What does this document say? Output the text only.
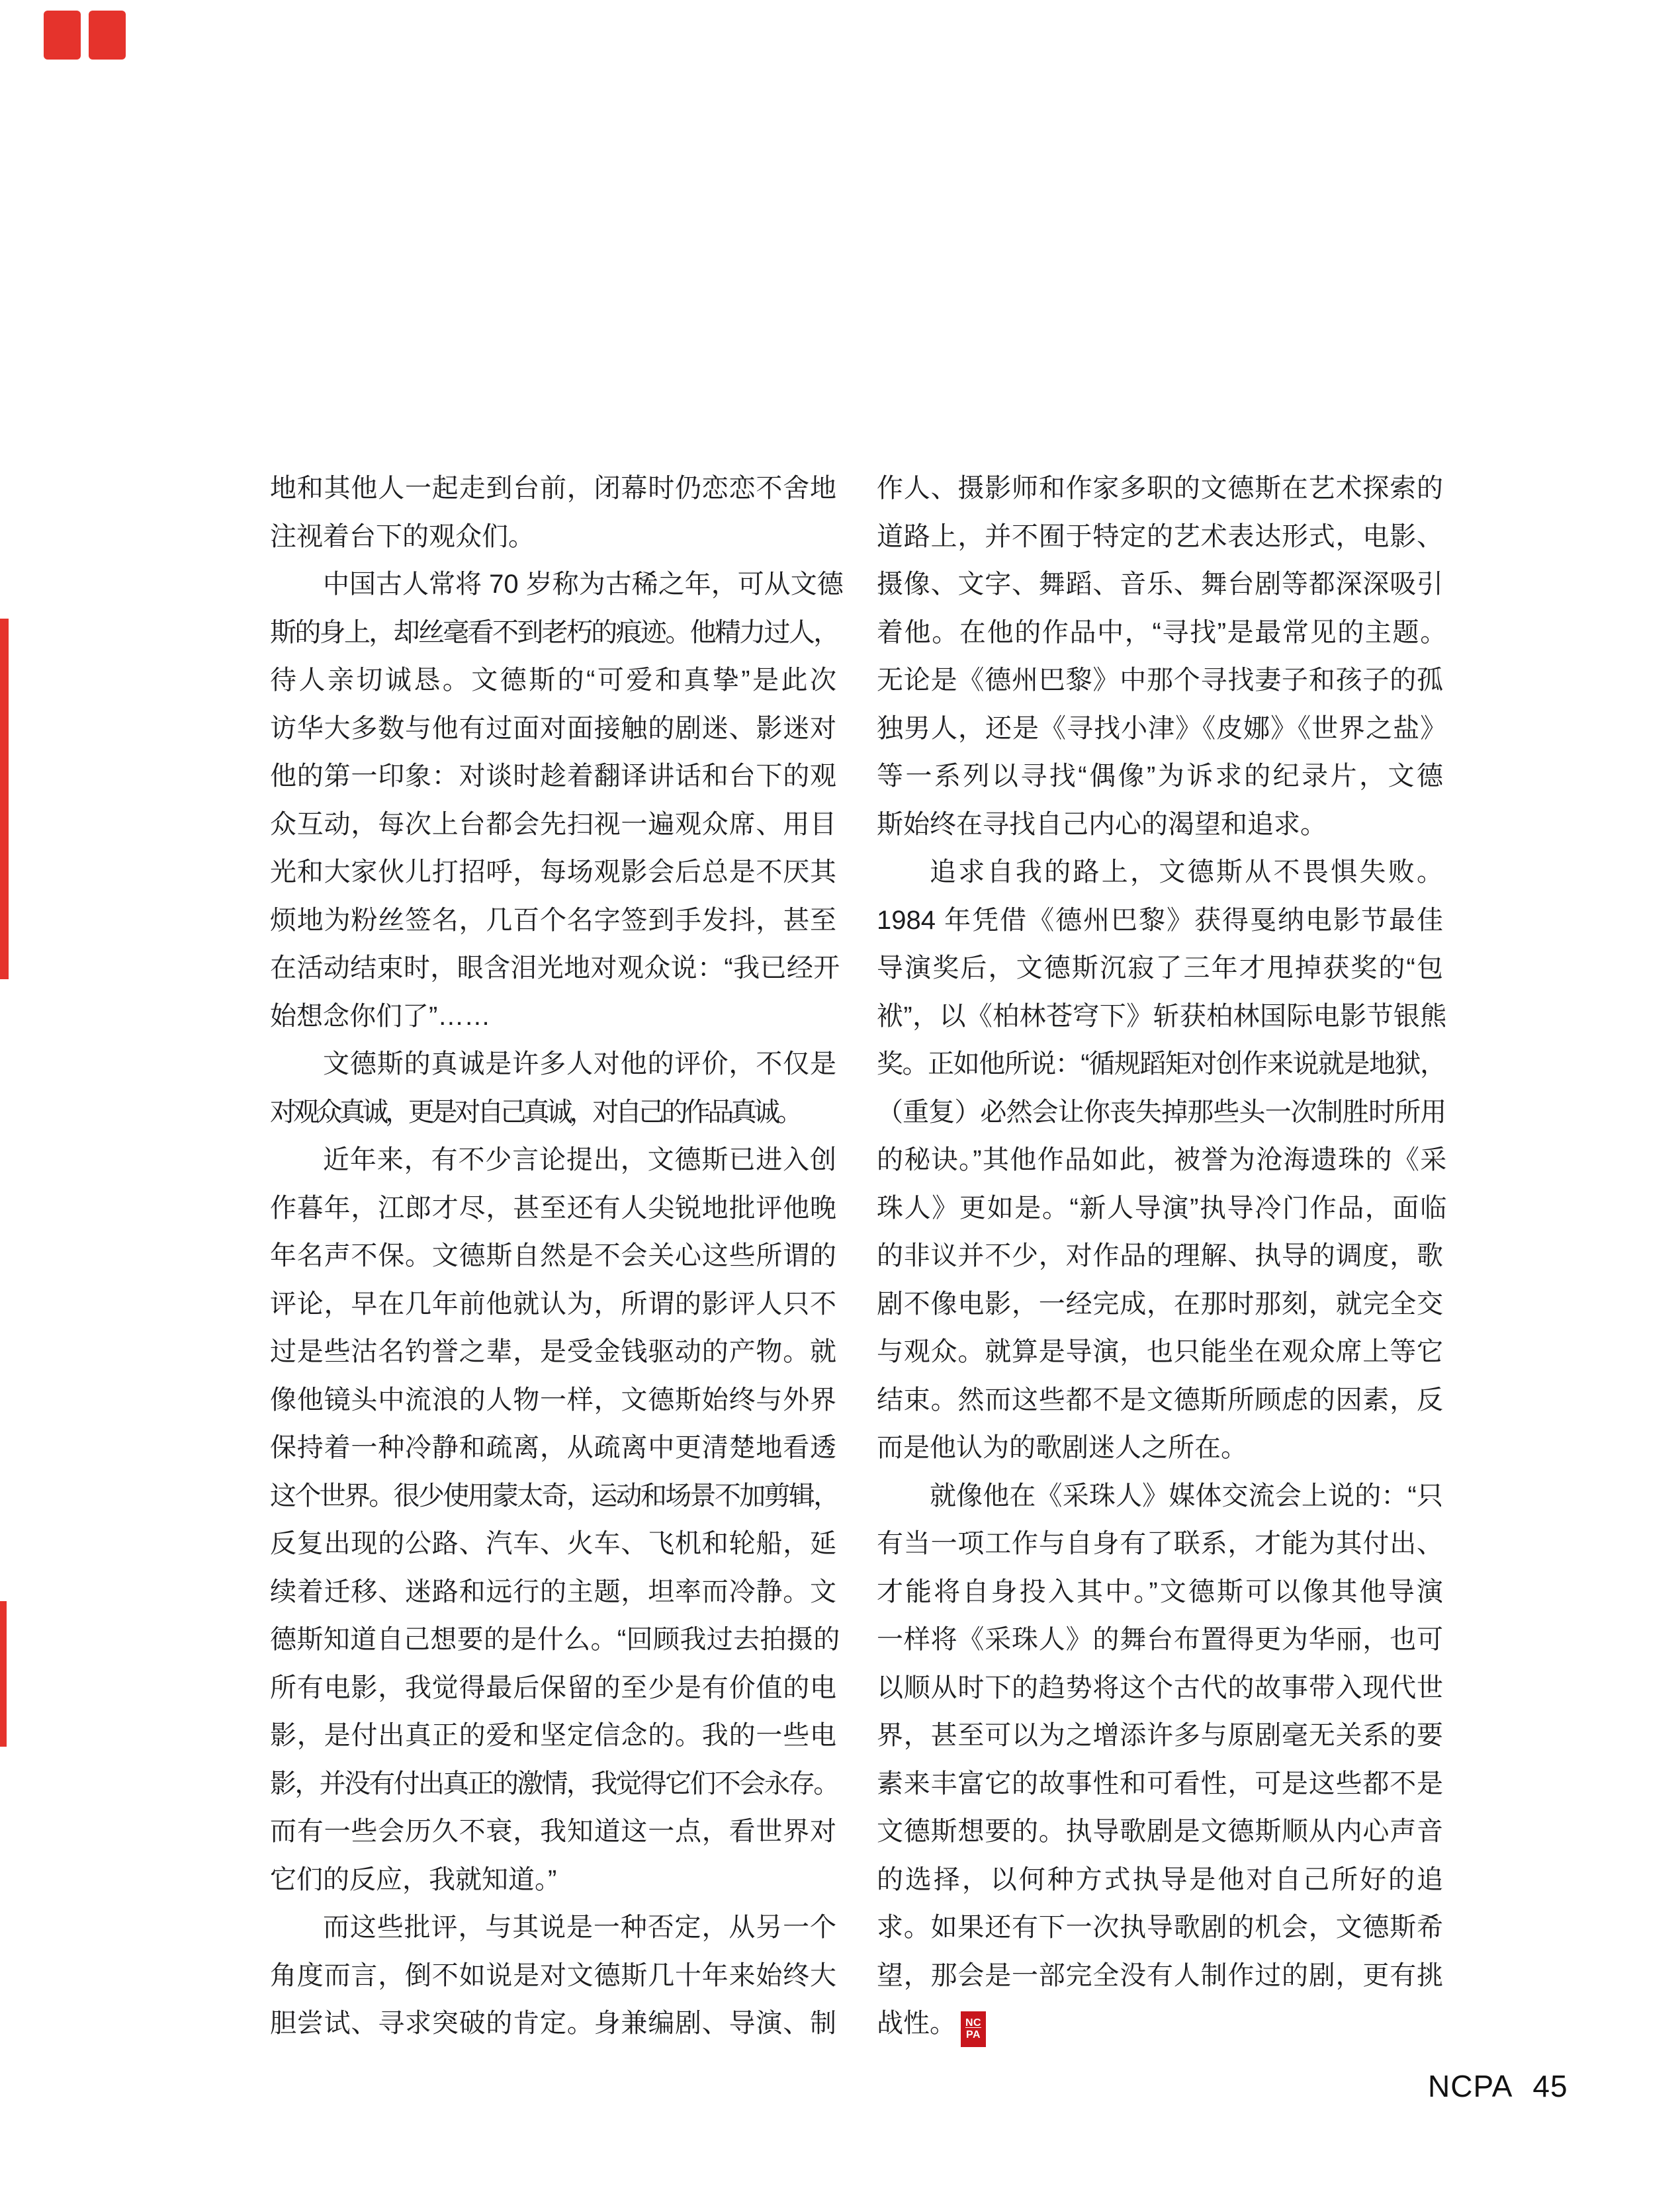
地和其他人一起走到台前，闭幕时仍恋恋不舍地
注视着台下的观众们。
中国古人常将 70 岁称为古稀之年，可从文德
斯的身上，却丝毫看不到老朽的痕迹。他精力过人，
待人亲切诚恳。文德斯的“可爱和真挚”是此次
访华大多数与他有过面对面接触的剧迷、影迷对
他的第一印象：对谈时趁着翻译讲话和台下的观
众互动，每次上台都会先扫视一遍观众席、用目
光和大家伙儿打招呼，每场观影会后总是不厌其
烦地为粉丝签名，几百个名字签到手发抖，甚至
在活动结束时，眼含泪光地对观众说：“我已经开
始想念你们了”……
文德斯的真诚是许多人对他的评价，不仅是
对观众真诚，更是对自己真诚，对自己的作品真诚。
近年来，有不少言论提出，文德斯已进入创
作暮年，江郎才尽，甚至还有人尖锐地批评他晚
年名声不保。文德斯自然是不会关心这些所谓的
评论，早在几年前他就认为，所谓的影评人只不
过是些沽名钓誉之辈，是受金钱驱动的产物。就
像他镜头中流浪的人物一样，文德斯始终与外界
保持着一种冷静和疏离，从疏离中更清楚地看透
这个世界。很少使用蒙太奇，运动和场景不加剪辑，
反复出现的公路、汽车、火车、飞机和轮船，延
续着迁移、迷路和远行的主题，坦率而冷静。文
德斯知道自己想要的是什么。“回顾我过去拍摄的
所有电影，我觉得最后保留的至少是有价值的电
影，是付出真正的爱和坚定信念的。我的一些电
影，并没有付出真正的激情，我觉得它们不会永存。
而有一些会历久不衰，我知道这一点，看世界对
它们的反应，我就知道。”
而这些批评，与其说是一种否定，从另一个
角度而言，倒不如说是对文德斯几十年来始终大
胆尝试、寻求突破的肯定。身兼编剧、导演、制
作人、摄影师和作家多职的文德斯在艺术探索的
道路上，并不囿于特定的艺术表达形式，电影、
摄像、文字、舞蹈、音乐、舞台剧等都深深吸引
着他。在他的作品中，“寻找”是最常见的主题。
无论是《德州巴黎》中那个寻找妻子和孩子的孤
独男人，还是《寻找小津》《皮娜》《世界之盐》
等一系列以寻找“偶像”为诉求的纪录片，文德
斯始终在寻找自己内心的渴望和追求。
追求自我的路上，文德斯从不畏惧失败。
1984 年凭借《德州巴黎》获得戛纳电影节最佳
导演奖后，文德斯沉寂了三年才甩掉获奖的“包
袱”，以《柏林苍穹下》斩获柏林国际电影节银熊
奖。正如他所说：“循规蹈矩对创作来说就是地狱，
（重复）必然会让你丧失掉那些头一次制胜时所用
的秘诀。”其他作品如此，被誉为沧海遗珠的《采
珠人》更如是。“新人导演”执导冷门作品，面临
的非议并不少，对作品的理解、执导的调度，歌
剧不像电影，一经完成，在那时那刻，就完全交
与观众。就算是导演，也只能坐在观众席上等它
结束。然而这些都不是文德斯所顾虑的因素，反
而是他认为的歌剧迷人之所在。
就像他在《采珠人》媒体交流会上说的：“只
有当一项工作与自身有了联系，才能为其付出、
才能将自身投入其中。”文德斯可以像其他导演
一样将《采珠人》的舞台布置得更为华丽，也可
以顺从时下的趋势将这个古代的故事带入现代世
界，甚至可以为之增添许多与原剧毫无关系的要
素来丰富它的故事性和可看性，可是这些都不是
文德斯想要的。执导歌剧是文德斯顺从内心声音
的选择，以何种方式执导是他对自己所好的追
求。如果还有下一次执导歌剧的机会，文德斯希
望，那会是一部完全没有人制作过的剧，更有挑
战性。 NC
PA
NCPA 45
